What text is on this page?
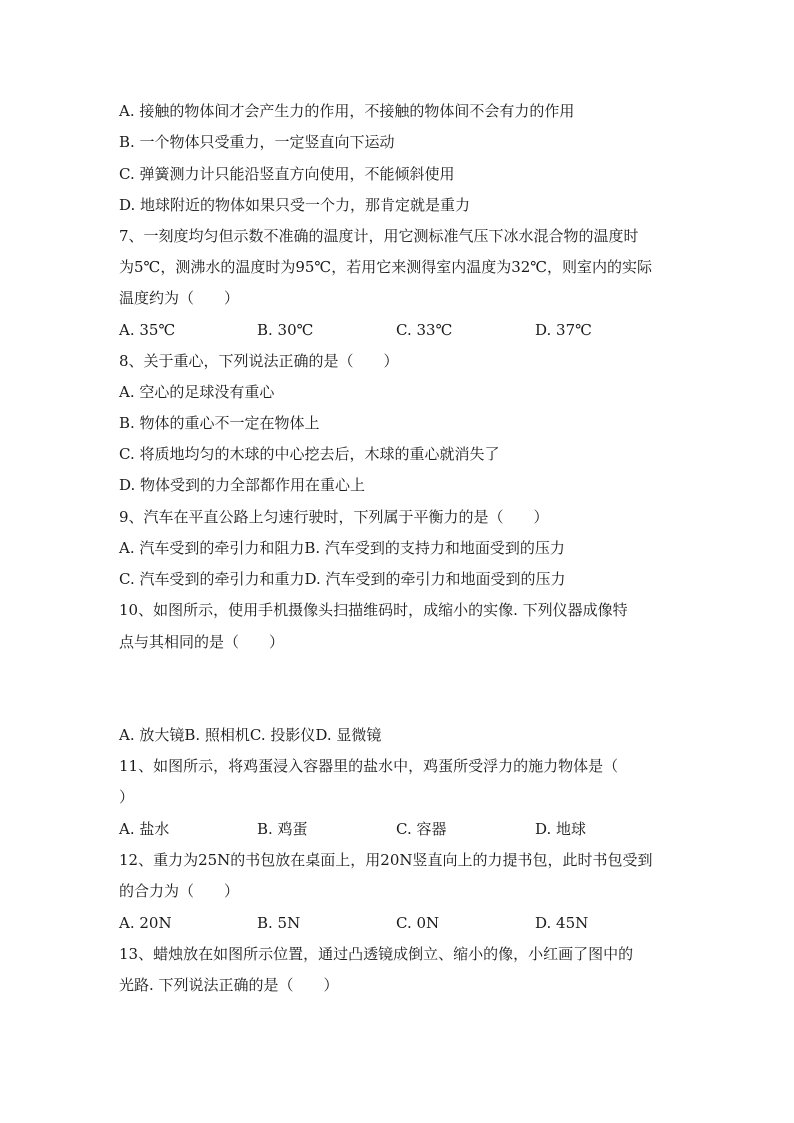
A. 接触的物体间才会产生力的作用，不接触的物体间不会有力的作用
B. 一个物体只受重力，一定竖直向下运动
C. 弹簧测力计只能沿竖直方向使用，不能倾斜使用
D. 地球附近的物体如果只受一个力，那肯定就是重力
7、一刻度均匀但示数不准确的温度计，用它测标准气压下冰水混合物的温度时
为5℃，测沸水的温度时为95℃，若用它来测得室内温度为32℃，则室内的实际
温度约为（　　）
A. 35℃	B. 30℃	C. 33℃	D. 37℃
8、关于重心，下列说法正确的是（　　）
A. 空心的足球没有重心
B. 物体的重心不一定在物体上
C. 将质地均匀的木球的中心挖去后，木球的重心就消失了
D. 物体受到的力全部都作用在重心上
9、汽车在平直公路上匀速行驶时，下列属于平衡力的是（　　）
A. 汽车受到的牵引力和阻力B. 汽车受到的支持力和地面受到的压力
C. 汽车受到的牵引力和重力D. 汽车受到的牵引力和地面受到的压力
10、如图所示，使用手机摄像头扫描维码时，成缩小的实像. 下列仪器成像特
点与其相同的是（　　）
A. 放大镜B. 照相机C. 投影仪D. 显微镜
11、如图所示，将鸡蛋浸入容器里的盐水中，鸡蛋所受浮力的施力物体是（
）
A. 盐水	B. 鸡蛋	C. 容器	D. 地球
12、重力为25N的书包放在桌面上，用20N竖直向上的力提书包，此时书包受到
的合力为（　　）
A. 20N	B. 5N	C. 0N	D. 45N
13、蜡烛放在如图所示位置，通过凸透镜成倒立、缩小的像，小红画了图中的
光路. 下列说法正确的是（　　）
